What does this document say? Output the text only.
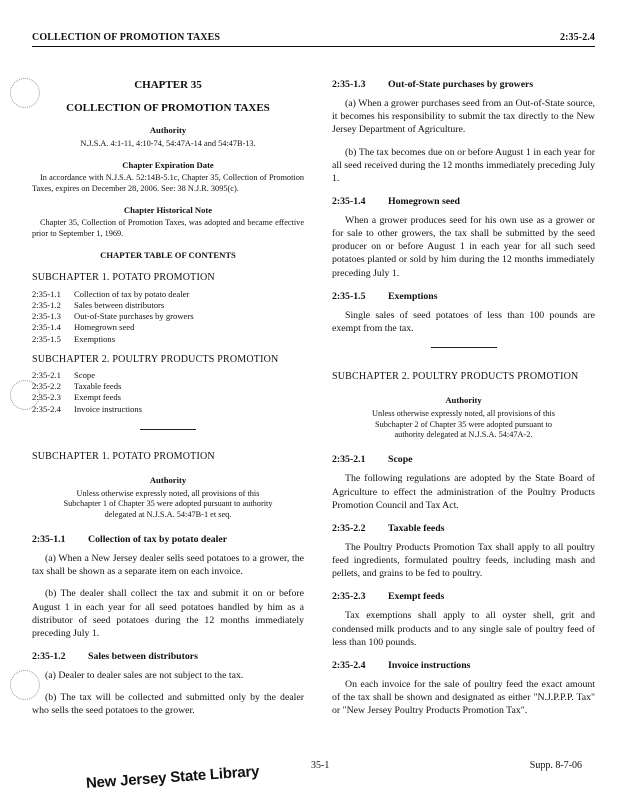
COLLECTION OF PROMOTION TAXES	2:35-2.4
CHAPTER 35
COLLECTION OF PROMOTION TAXES
Authority
N.J.S.A. 4:1-11, 4:10-74, 54:47A-14 and 54:47B-13.
Chapter Expiration Date
In accordance with N.J.S.A. 52:14B-5.1c, Chapter 35, Collection of Promotion Taxes, expires on December 28, 2006. See: 38 N.J.R. 3095(c).
Chapter Historical Note
Chapter 35, Collection of Promotion Taxes, was adopted and became effective prior to September 1, 1969.
CHAPTER TABLE OF CONTENTS
SUBCHAPTER 1. POTATO PROMOTION
2:35-1.1	Collection of tax by potato dealer
2:35-1.2	Sales between distributors
2:35-1.3	Out-of-State purchases by growers
2:35-1.4	Homegrown seed
2:35-1.5	Exemptions
SUBCHAPTER 2. POULTRY PRODUCTS PROMOTION
2:35-2.1	Scope
2:35-2.2	Taxable feeds
2:35-2.3	Exempt feeds
2:35-2.4	Invoice instructions
SUBCHAPTER 1. POTATO PROMOTION
Authority
Unless otherwise expressly noted, all provisions of this Subchapter 1 of Chapter 35 were adopted pursuant to authority delegated at N.J.S.A. 54:47B-1 et seq.
2:35-1.1 Collection of tax by potato dealer

(a) When a New Jersey dealer sells seed potatoes to a grower, the tax shall be shown as a separate item on each invoice.

(b) The dealer shall collect the tax and submit it on or before August 1 in each year for all seed potatoes handled by him as a distributor of seed potatoes during the 12 months immediately preceding July 1.

2:35-1.2 Sales between distributors

(a) Dealer to dealer sales are not subject to the tax.

(b) The tax will be collected and submitted only by the dealer who sells the seed potatoes to the grower.

2:35-1.3 Out-of-State purchases by growers

(a) When a grower purchases seed from an Out-of-State source, it becomes his responsibility to submit the tax directly to the New Jersey Department of Agriculture.

(b) The tax becomes due on or before August 1 in each year for all seed received during the 12 months immediately preceding July 1.

2:35-1.4 Homegrown seed

When a grower produces seed for his own use as a grower or for sale to other growers, the tax shall be submitted by the seed producer on or before August 1 in each year for all such seed potatoes planted or sold by him during the 12 months immediately preceding July 1.

2:35-1.5 Exemptions

Single sales of seed potatoes of less than 100 pounds are exempt from the tax.

SUBCHAPTER 2. POULTRY PRODUCTS PROMOTION
Authority
Unless otherwise expressly noted, all provisions of this Subchapter 2 of Chapter 35 were adopted pursuant to authority delegated at N.J.S.A. 54:47A-2.
2:35-2.1 Scope

The following regulations are adopted by the State Board of Agriculture to effect the administration of the Poultry Products Promotion Council and Tax Act.

2:35-2.2 Taxable feeds

The Poultry Products Promotion Tax shall apply to all poultry feed ingredients, formulated poultry feeds, including mash and pellets, and grains to be fed to poultry.

2:35-2.3 Exempt feeds

Tax exemptions shall apply to all oyster shell, grit and condensed milk products and to any single sale of poultry feed of less than 100 pounds.

2:35-2.4 Invoice instructions

On each invoice for the sale of poultry feed the exact amount of the tax shall be shown and designated as either "N.J.P.P.P. Tax" or "New Jersey Poultry Products Promotion Tax".

New Jersey State Library	35-1	Supp. 8-7-06
